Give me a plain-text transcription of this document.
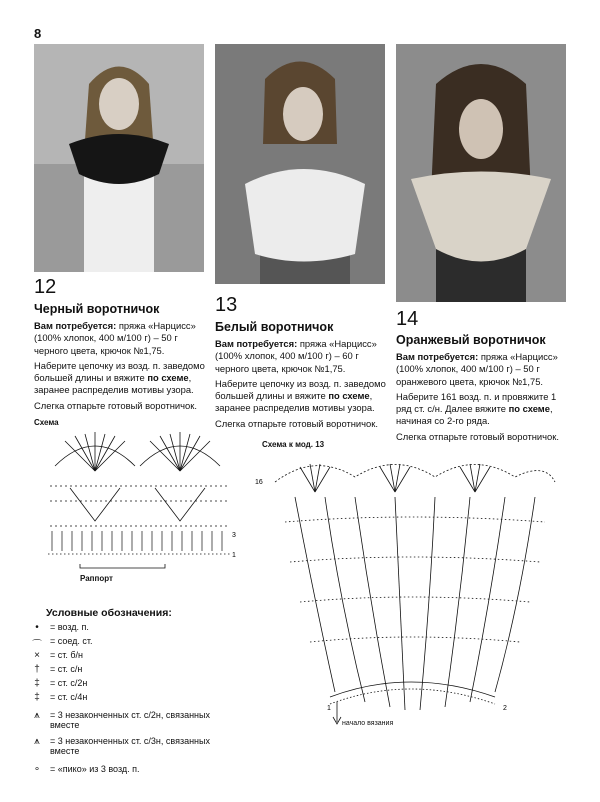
8
12
Черный воротничок

Вам потребуется: пряжа «Нарцисс» (100% хлопок, 400 м/100 г) – 50 г черного цвета, крючок №1,75.

Наберите цепочку из возд. п. заведомо большей длины и вяжите по схеме, заранее распределив мотивы узора.

Слегка отпарьте готовый воротничок.

13
Белый воротничок

Вам потребуется: пряжа «Нарцисс» (100% хлопок, 400 м/100 г) – 60 г черного цвета, крючок №1,75.

Наберите цепочку из возд. п. заведомо большей длины и вяжите по схеме, заранее распределив мотивы узора.

Слегка отпарьте готовый воротничок.

14
Оранжевый воротничок

Вам потребуется: пряжа «Нарцисс» (100% хлопок, 400 м/100 г) – 50 г оранжевого цвета, крючок №1,75.

Наберите 161 возд. п. и провяжите 1 ряд ст. с/н. Далее вяжите по схеме, начиная со 2-го ряда.

Слегка отпарьте готовый воротничок.

Схема
3
1
Раппорт
Схема к мод. 13
16
1	2
начало вязания
Условные обозначения:
•	= возд. п.
⌒ = соед. ст.
×	= ст. б/н
†	= ст. с/н
‡	= ст. с/2н
‡	= ст. с/4н
⩚	= 3 незаконченных ст. с/2н, связанных вместе
⩚	= 3 незаконченных ст. с/3н, связанных вместе
∘	= «пико» из 3 возд. п.
